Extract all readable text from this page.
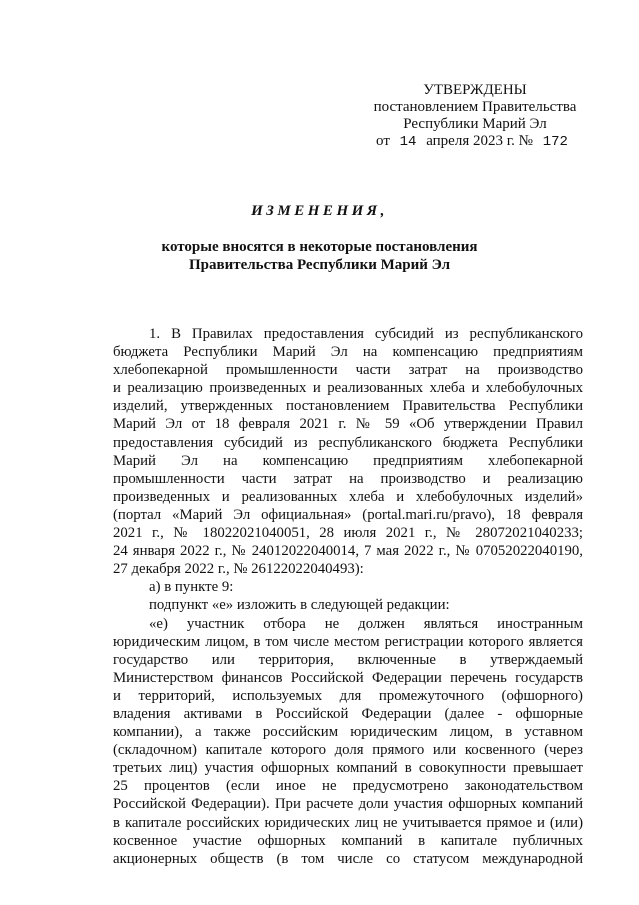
УТВЕРЖДЕНЫ
постановлением Правительства
Республики Марий Эл
от 14 апреля 2023 г. № 172
ИЗМЕНЕНИЯ,
которые вносятся в некоторые постановления
Правительства Республики Марий Эл
1. В Правилах предоставления субсидий из республиканского
бюджета Республики Марий Эл на компенсацию предприятиям
хлебопекарной промышленности части затрат на производство
и реализацию произведенных и реализованных хлеба и хлебобулочных
изделий, утвержденных постановлением Правительства Республики
Марий Эл от 18 февраля 2021 г. № 59 «Об утверждении Правил
предоставления субсидий из республиканского бюджета Республики
Марий Эл на компенсацию предприятиям хлебопекарной
промышленности части затрат на производство и реализацию
произведенных и реализованных хлеба и хлебобулочных изделий»
(портал «Марий Эл официальная» (portal.mari.ru/pravo), 18 февраля
2021 г., № 18022021040051, 28 июля 2021 г., № 28072021040233;
24 января 2022 г., № 24012022040014, 7 мая 2022 г., № 07052022040190,
27 декабря 2022 г., № 26122022040493):
а) в пункте 9:
подпункт «е» изложить в следующей редакции:
«е) участник отбора не должен являться иностранным
юридическим лицом, в том числе местом регистрации которого является
государство или территория, включенные в утверждаемый
Министерством финансов Российской Федерации перечень государств
и территорий, используемых для промежуточного (офшорного)
владения активами в Российской Федерации (далее - офшорные
компании), а также российским юридическим лицом, в уставном
(складочном) капитале которого доля прямого или косвенного (через
третьих лиц) участия офшорных компаний в совокупности превышает
25 процентов (если иное не предусмотрено законодательством
Российской Федерации). При расчете доли участия офшорных компаний
в капитале российских юридических лиц не учитывается прямое и (или)
косвенное участие офшорных компаний в капитале публичных
акционерных обществ (в том числе со статусом международной
